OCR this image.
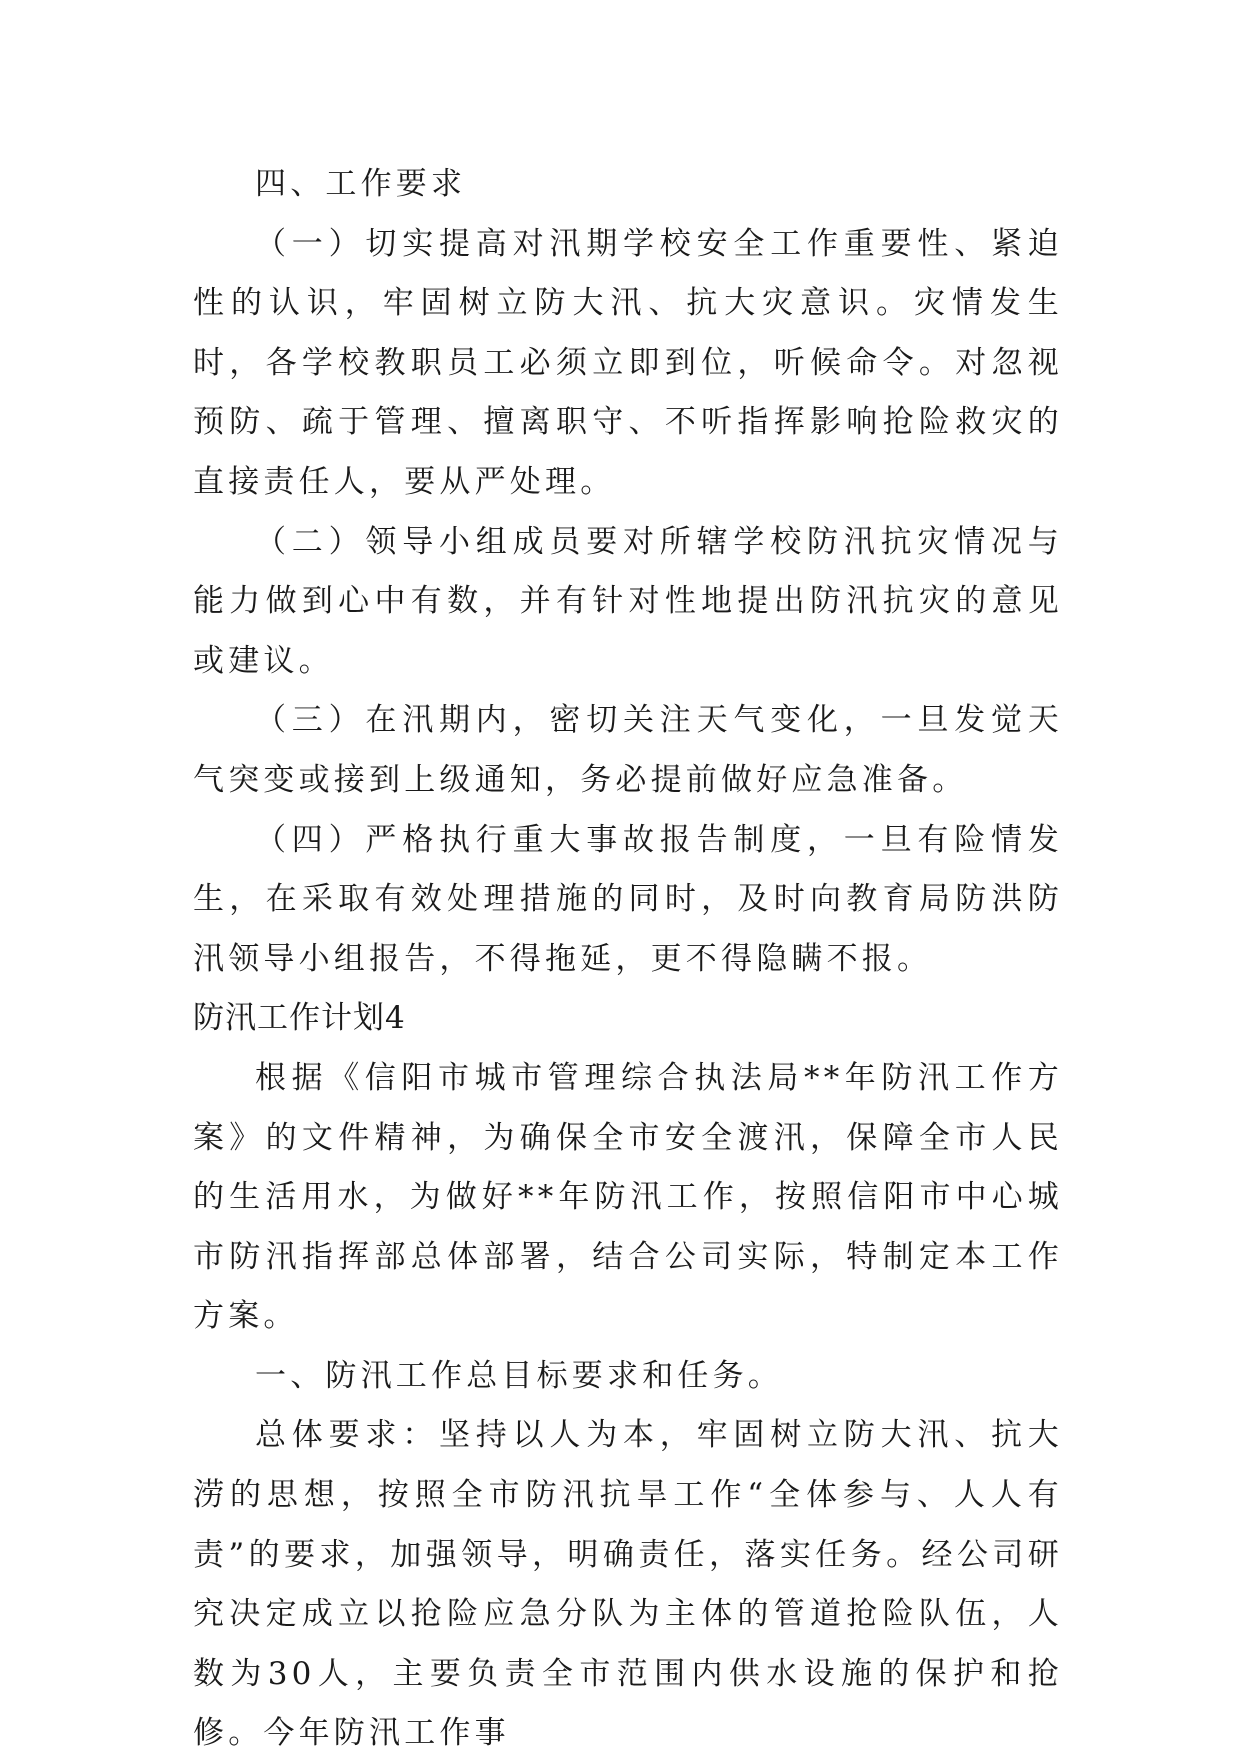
四、工作要求

（一）切实提高对汛期学校安全工作重要性、紧迫性的认识，牢固树立防大汛、抗大灾意识。灾情发生时，各学校教职员工必须立即到位，听候命令。对忽视预防、疏于管理、擅离职守、不听指挥影响抢险救灾的直接责任人，要从严处理。

（二）领导小组成员要对所辖学校防汛抗灾情况与能力做到心中有数，并有针对性地提出防汛抗灾的意见或建议。

（三）在汛期内，密切关注天气变化，一旦发觉天气突变或接到上级通知，务必提前做好应急准备。

（四）严格执行重大事故报告制度，一旦有险情发生，在采取有效处理措施的同时，及时向教育局防洪防汛领导小组报告，不得拖延，更不得隐瞒不报。

防汛工作计划4

根据《信阳市城市管理综合执法局**年防汛工作方案》的文件精神，为确保全市安全渡汛，保障全市人民的生活用水，为做好**年防汛工作，按照信阳市中心城市防汛指挥部总体部署，结合公司实际，特制定本工作方案。

一、防汛工作总目标要求和任务。

总体要求：坚持以人为本，牢固树立防大汛、抗大涝的思想，按照全市防汛抗旱工作“全体参与、人人有责”的要求，加强领导，明确责任，落实任务。经公司研究决定成立以抢险应急分队为主体的管道抢险队伍，人数为30人，主要负责全市范围内供水设施的保护和抢修。今年防汛工作事
